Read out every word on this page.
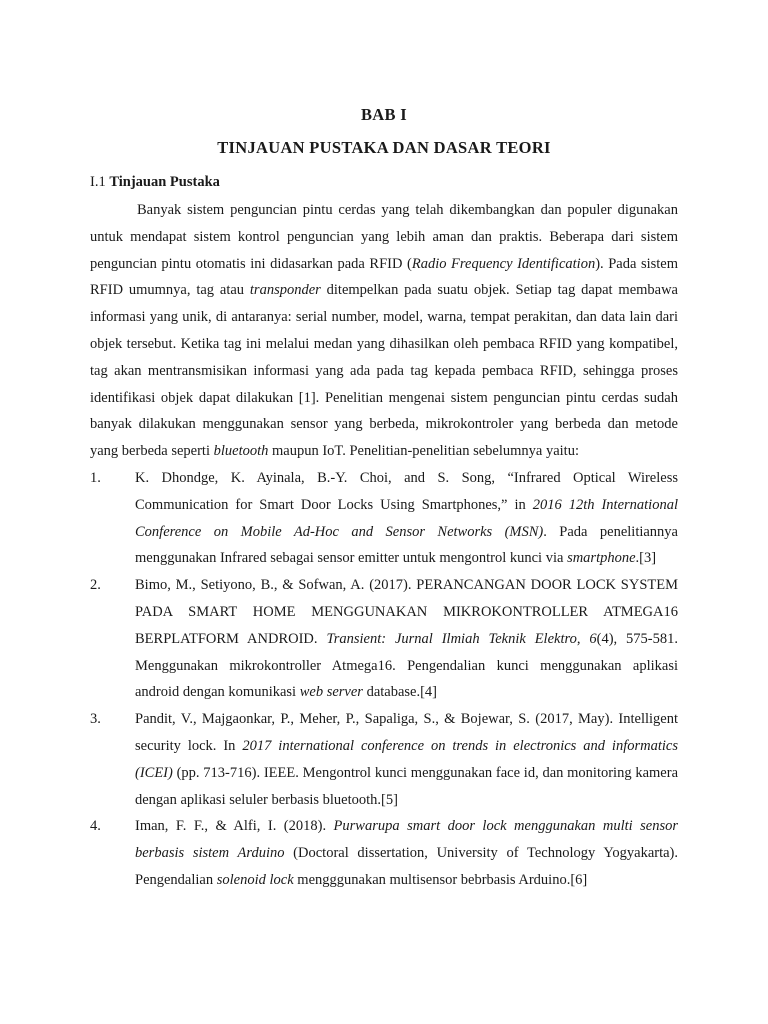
BAB I
TINJAUAN PUSTAKA DAN DASAR TEORI
I.1 Tinjauan Pustaka

Banyak sistem penguncian pintu cerdas yang telah dikembangkan dan populer digunakan untuk mendapat sistem kontrol penguncian yang lebih aman dan praktis. Beberapa dari sistem penguncian pintu otomatis ini didasarkan pada RFID (Radio Frequency Identification). Pada sistem RFID umumnya, tag atau transponder ditempelkan pada suatu objek. Setiap tag dapat membawa informasi yang unik, di antaranya: serial number, model, warna, tempat perakitan, dan data lain dari objek tersebut. Ketika tag ini melalui medan yang dihasilkan oleh pembaca RFID yang kompatibel, tag akan mentransmisikan informasi yang ada pada tag kepada pembaca RFID, sehingga proses identifikasi objek dapat dilakukan [1]. Penelitian mengenai sistem penguncian pintu cerdas sudah banyak dilakukan menggunakan sensor yang berbeda, mikrokontroler yang berbeda dan metode yang berbeda seperti bluetooth maupun IoT. Penelitian-penelitian sebelumnya yaitu:

1. K. Dhondge, K. Ayinala, B.-Y. Choi, and S. Song, “Infrared Optical Wireless Communication for Smart Door Locks Using Smartphones,” in 2016 12th International Conference on Mobile Ad-Hoc and Sensor Networks (MSN). Pada penelitiannya menggunakan Infrared sebagai sensor emitter untuk mengontrol kunci via smartphone.[3]
2. Bimo, M., Setiyono, B., & Sofwan, A. (2017). PERANCANGAN DOOR LOCK SYSTEM PADA SMART HOME MENGGUNAKAN MIKROKONTROLLER ATMEGA16 BERPLATFORM ANDROID. Transient: Jurnal Ilmiah Teknik Elektro, 6(4), 575-581. Menggunakan mikrokontroller Atmega16. Pengendalian kunci menggunakan aplikasi android dengan komunikasi web server database.[4]
3. Pandit, V., Majgaonkar, P., Meher, P., Sapaliga, S., & Bojewar, S. (2017, May). Intelligent security lock. In 2017 international conference on trends in electronics and informatics (ICEI) (pp. 713-716). IEEE. Mengontrol kunci menggunakan face id, dan monitoring kamera dengan aplikasi seluler berbasis bluetooth.[5]
4. Iman, F. F., & Alfi, I. (2018). Purwarupa smart door lock menggunakan multi sensor berbasis sistem Arduino (Doctoral dissertation, University of Technology Yogyakarta). Pengendalian solenoid lock mengggunakan multisensor bebrbasis Arduino.[6]
